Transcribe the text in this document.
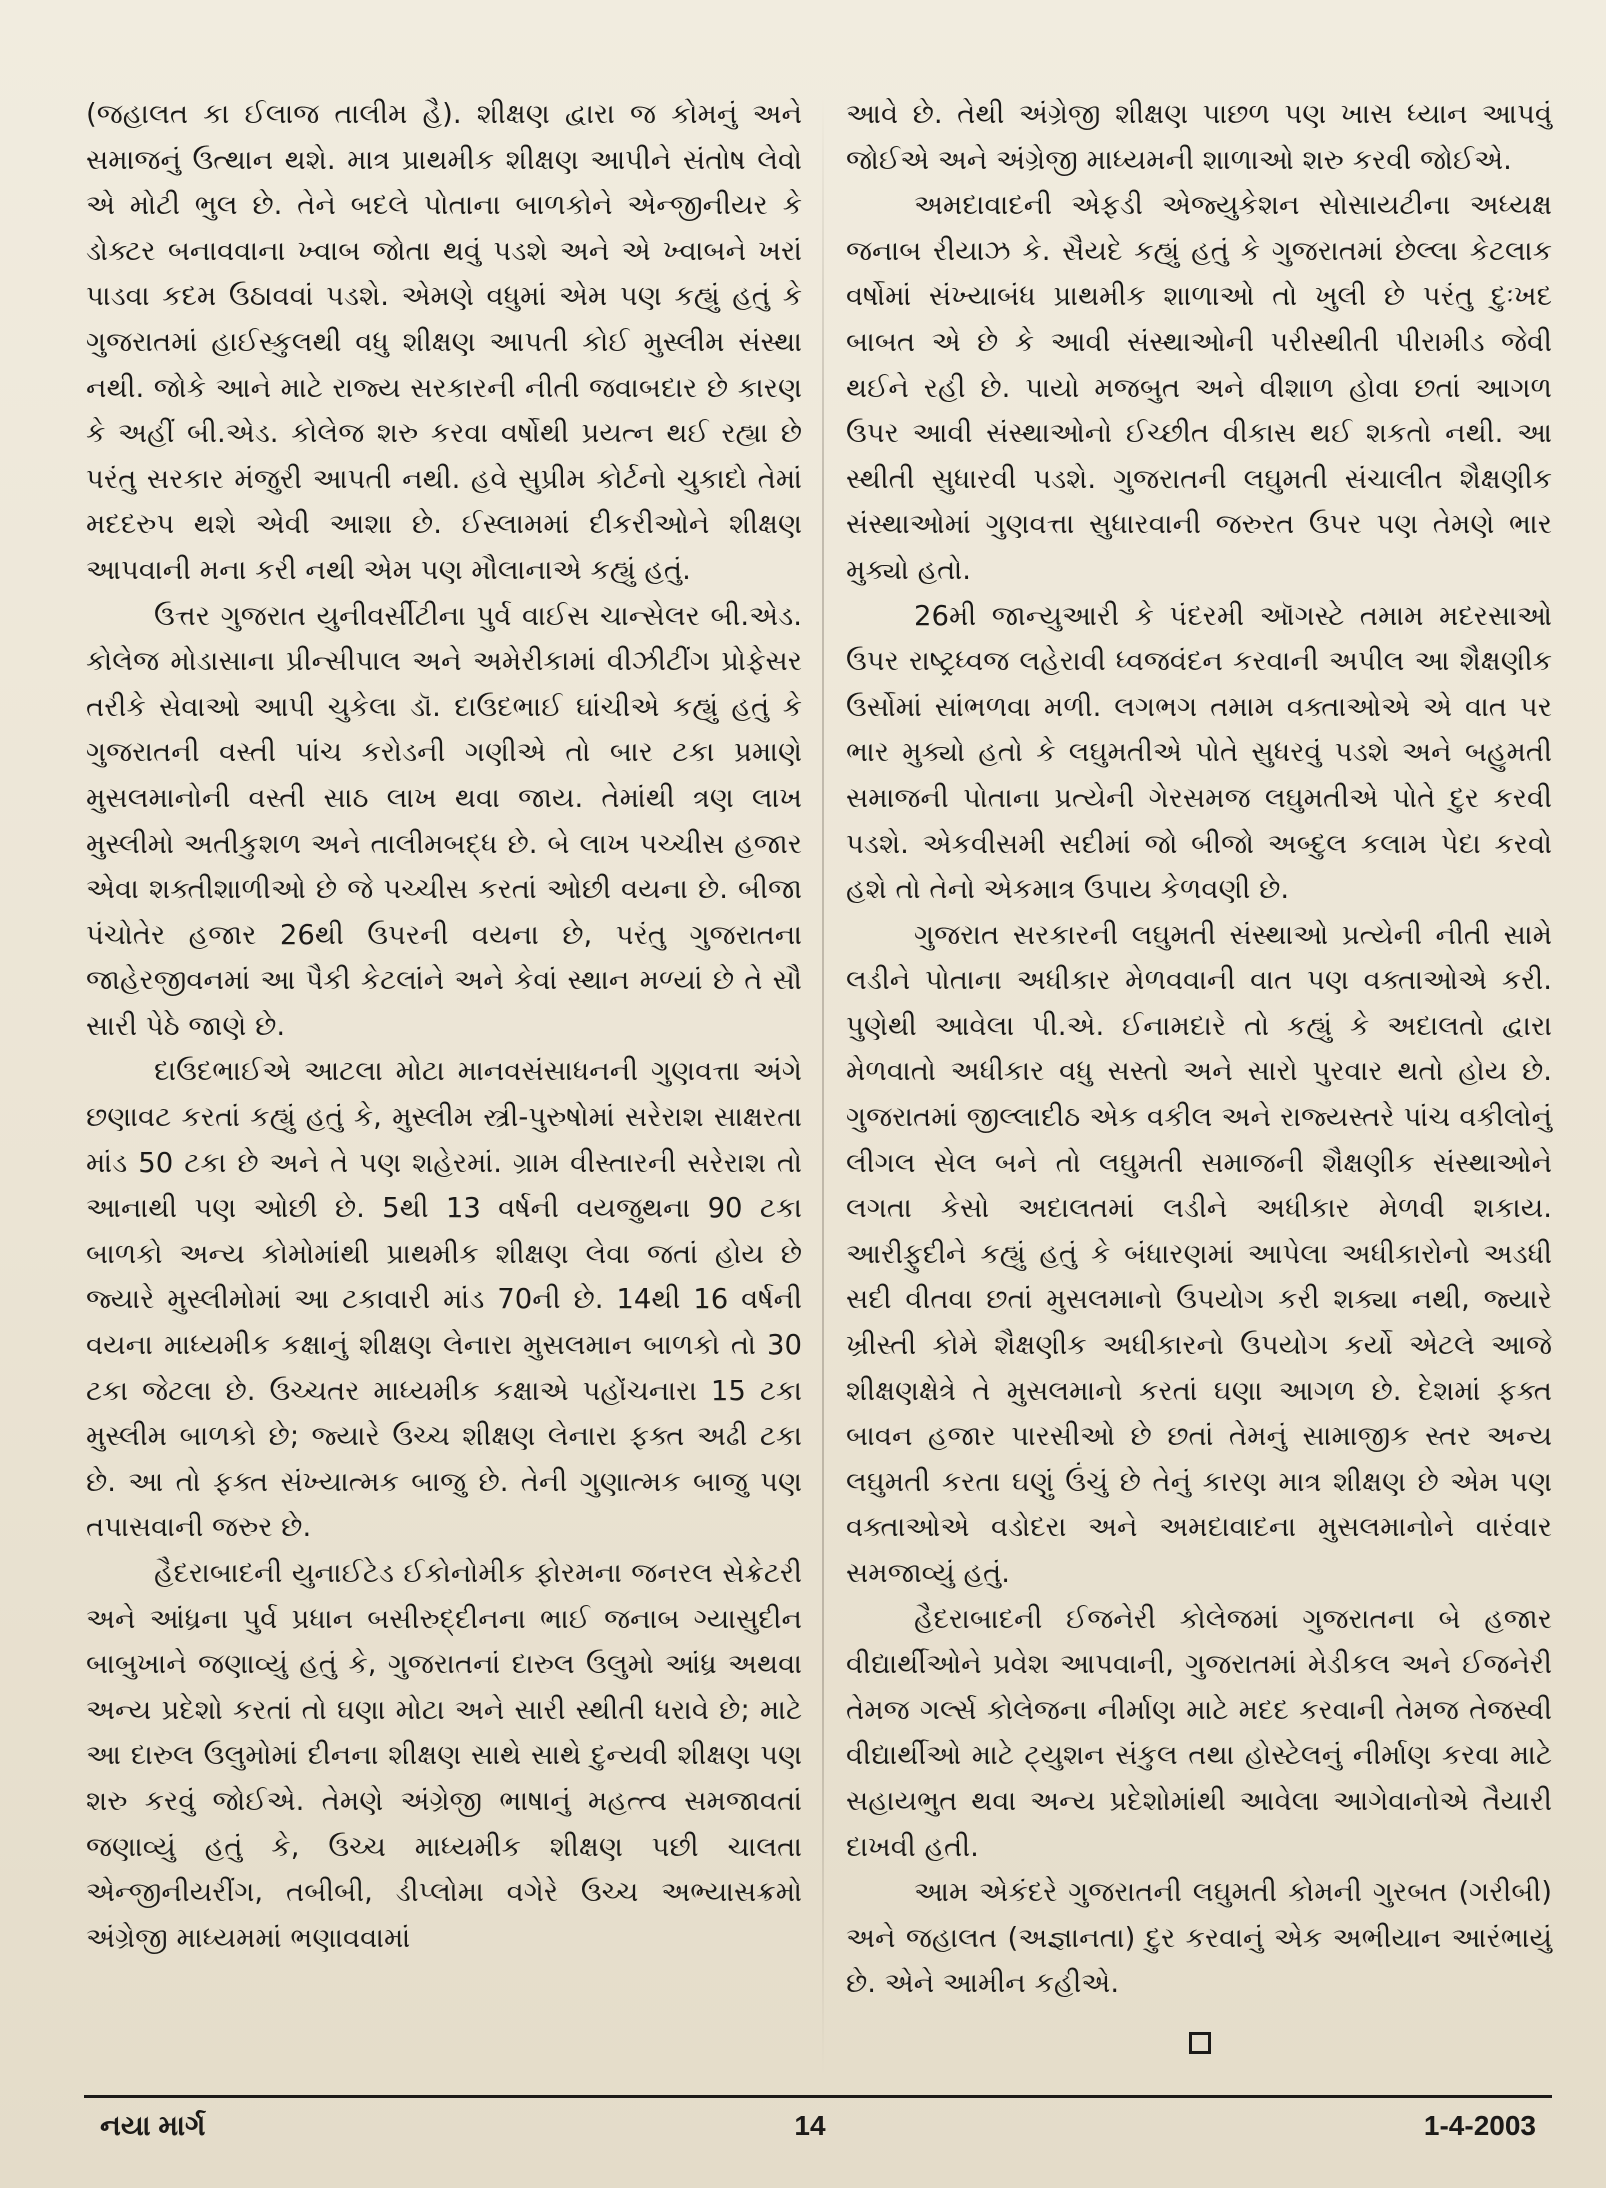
(જહાલત કા ઈલાજ તાલીમ હૈ). શીક્ષણ દ્વારા જ કોમનું અને સમાજનું ઉત્થાન થશે. માત્ર પ્રાથમીક શીક્ષણ આપીને સંતોષ લેવો એ મોટી ભુલ છે. તેને બદલે પોતાના બાળકોને એન્જીનીયર કે ડોક્ટર બનાવવાના ખ્વાબ જોતા થવું પડશે અને એ ખ્વાબને ખરાં પાડવા કદમ ઉઠાવવાં પડશે. એમણે વધુમાં એમ પણ કહ્યું હતું કે ગુજરાતમાં હાઈસ્કુલથી વધુ શીક્ષણ આપતી કોઈ મુસ્લીમ સંસ્થા નથી. જોકે આને માટે રાજ્ય સરકારની નીતી જવાબદાર છે કારણ કે અહીં બી.એડ. કોલેજ શરુ કરવા વર્ષોથી પ્રયત્ન થઈ રહ્યા છે પરંતુ સરકાર મંજુરી આપતી નથી. હવે સુપ્રીમ કોર્ટનો ચુકાદો તેમાં મદદરુપ થશે એવી આશા છે. ઈસ્લામમાં દીકરીઓને શીક્ષણ આપવાની મના કરી નથી એમ પણ મૌલાનાએ કહ્યું હતું.

ઉત્તર ગુજરાત યુનીવર્સીટીના પુર્વ વાઈસ ચાન્સેલર બી.એડ. કોલેજ મોડાસાના પ્રીન્સીપાલ અને અમેરીકામાં વીઝીટીંગ પ્રોફેસર તરીકે સેવાઓ આપી ચુકેલા ડૉ. દાઉદભાઈ ઘાંચીએ કહ્યું હતું કે ગુજરાતની વસ્તી પાંચ કરોડની ગણીએ તો બાર ટકા પ્રમાણે મુસલમાનોની વસ્તી સાઠ લાખ થવા જાય. તેમાંથી ત્રણ લાખ મુસ્લીમો અતીકુશળ અને તાલીમબદ્ધ છે. બે લાખ પચ્ચીસ હજાર એવા શક્તીશાળીઓ છે જે પચ્ચીસ કરતાં ઓછી વયના છે. બીજા પંચોતેર હજાર 26થી ઉપરની વયના છે, પરંતુ ગુજરાતના જાહેરજીવનમાં આ પૈકી કેટલાંને અને કેવાં સ્થાન મળ્યાં છે તે સૌ સારી પેઠે જાણે છે.

દાઉદભાઈએ આટલા મોટા માનવસંસાધનની ગુણવત્તા અંગે છણાવટ કરતાં કહ્યું હતું કે, મુસ્લીમ સ્ત્રી-પુરુષોમાં સરેરાશ સાક્ષરતા માંડ 50 ટકા છે અને તે પણ શહેરમાં. ગ્રામ વીસ્તારની સરેરાશ તો આનાથી પણ ઓછી છે. 5થી 13 વર્ષની વયજુથના 90 ટકા બાળકો અન્ય કોમોમાંથી પ્રાથમીક શીક્ષણ લેવા જતાં હોય છે જ્યારે મુસ્લીમોમાં આ ટકાવારી માંડ 70ની છે. 14થી 16 વર્ષની વયના માધ્યમીક કક્ષાનું શીક્ષણ લેનારા મુસલમાન બાળકો તો 30 ટકા જેટલા છે. ઉચ્ચતર માધ્યમીક કક્ષાએ પહોંચનારા 15 ટકા મુસ્લીમ બાળકો છે; જ્યારે ઉચ્ચ શીક્ષણ લેનારા ફક્ત અઢી ટકા છે. આ તો ફક્ત સંખ્યાત્મક બાજુ છે. તેની ગુણાત્મક બાજુ પણ તપાસવાની જરુર છે.

હૈદરાબાદની યુનાઈટેડ ઈકોનોમીક ફોરમના જનરલ સેક્રેટરી અને આંધ્રના પુર્વ પ્રધાન બસીરુદ્દીનના ભાઈ જનાબ ગ્યાસુદીન બાબુખાને જણાવ્યું હતું કે, ગુજરાતનાં દારુલ ઉલુમો આંધ્ર અથવા અન્ય પ્રદેશો કરતાં તો ઘણા મોટા અને સારી સ્થીતી ધરાવે છે; માટે આ દારુલ ઉલુમોમાં દીનના શીક્ષણ સાથે સાથે દુન્યવી શીક્ષણ પણ શરુ કરવું જોઈએ. તેમણે અંગ્રેજી ભાષાનું મહત્ત્વ સમજાવતાં જણાવ્યું હતું કે, ઉચ્ચ માધ્યમીક શીક્ષણ પછી ચાલતા એન્જીનીયરીંગ, તબીબી, ડીપ્લોમા વગેરે ઉચ્ચ અભ્યાસક્રમો અંગ્રેજી માધ્યમમાં ભણાવવામાં

આવે છે. તેથી અંગ્રેજી શીક્ષણ પાછળ પણ ખાસ ધ્યાન આપવું જોઈએ અને અંગ્રેજી માધ્યમની શાળાઓ શરુ કરવી જોઈએ.

અમદાવાદની એફડી એજ્યુકેશન સોસાયટીના અધ્યક્ષ જનાબ રીયાઝ કે. સૈયદે કહ્યું હતું કે ગુજરાતમાં છેલ્લા કેટલાક વર્ષોમાં સંખ્યાબંધ પ્રાથમીક શાળાઓ તો ખુલી છે પરંતુ દુઃખદ બાબત એ છે કે આવી સંસ્થાઓની પરીસ્થીતી પીરામીડ જેવી થઈને રહી છે. પાયો મજબુત અને વીશાળ હોવા છતાં આગળ ઉપર આવી સંસ્થાઓનો ઈચ્છીત વીકાસ થઈ શકતો નથી. આ સ્થીતી સુધારવી પડશે. ગુજરાતની લઘુમતી સંચાલીત શૈક્ષણીક સંસ્થાઓમાં ગુણવત્તા સુધારવાની જરુરત ઉપર પણ તેમણે ભાર મુક્યો હતો.

26મી જાન્યુઆરી કે પંદરમી ઑગસ્ટે તમામ મદરસાઓ ઉપર રાષ્ટ્રધ્વજ લહેરાવી ધ્વજવંદન કરવાની અપીલ આ શૈક્ષણીક ઉર્સોમાં સાંભળવા મળી. લગભગ તમામ વક્તાઓએ એ વાત પર ભાર મુક્યો હતો કે લઘુમતીએ પોતે સુધરવું પડશે અને બહુમતી સમાજની પોતાના પ્રત્યેની ગેરસમજ લઘુમતીએ પોતે દુર કરવી પડશે. એકવીસમી સદીમાં જો બીજો અબ્દુલ કલામ પેદા કરવો હશે તો તેનો એકમાત્ર ઉપાય કેળવણી છે.

ગુજરાત સરકારની લઘુમતી સંસ્થાઓ પ્રત્યેની નીતી સામે લડીને પોતાના અધીકાર મેળવવાની વાત પણ વક્તાઓએ કરી. પુણેથી આવેલા પી.એ. ઈનામદારે તો કહ્યું કે અદાલતો દ્વારા મેળવાતો અધીકાર વધુ સસ્તો અને સારો પુરવાર થતો હોય છે. ગુજરાતમાં જીલ્લાદીઠ એક વકીલ અને રાજ્યસ્તરે પાંચ વકીલોનું લીગલ સેલ બને તો લઘુમતી સમાજની શૈક્ષણીક સંસ્થાઓને લગતા કેસો અદાલતમાં લડીને અધીકાર મેળવી શકાય. આરીફુદીને કહ્યું હતું કે બંધારણમાં આપેલા અધીકારોનો અડધી સદી વીતવા છતાં મુસલમાનો ઉપયોગ કરી શક્યા નથી, જ્યારે ખ્રીસ્તી કોમે શૈક્ષણીક અધીકારનો ઉપયોગ કર્યો એટલે આજે શીક્ષણક્ષેત્રે તે મુસલમાનો કરતાં ઘણા આગળ છે. દેશમાં ફક્ત બાવન હજાર પારસીઓ છે છતાં તેમનું સામાજીક સ્તર અન્ય લઘુમતી કરતા ઘણું ઉંચું છે તેનું કારણ માત્ર શીક્ષણ છે એમ પણ વક્તાઓએ વડોદરા અને અમદાવાદના મુસલમાનોને વારંવાર સમજાવ્યું હતું.

હૈદરાબાદની ઈજનેરી કોલેજમાં ગુજરાતના બે હજાર વીદ્યાર્થીઓને પ્રવેશ આપવાની, ગુજરાતમાં મેડીકલ અને ઈજનેરી તેમજ ગર્લ્સ કોલેજના નીર્માણ માટે મદદ કરવાની તેમજ તેજસ્વી વીદ્યાર્થીઓ માટે ટ્યુશન સંકુલ તથા હોસ્ટેલનું નીર્માણ કરવા માટે સહાયભુત થવા અન્ય પ્રદેશોમાંથી આવેલા આગેવાનોએ તૈયારી દાખવી હતી.

આમ એકંદરે ગુજરાતની લઘુમતી કોમની ગુરબત (ગરીબી) અને જહાલત (અજ્ઞાનતા) દુર કરવાનું એક અભીયાન આરંભાયું છે. એને આમીન કહીએ.

નયા માર્ગ	14	1-4-2003
